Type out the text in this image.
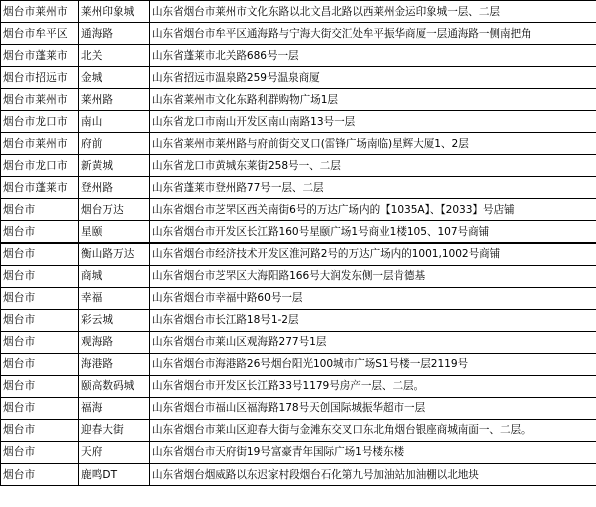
烟台市莱州市	莱州印象城	山东省烟台市莱州市文化东路以北文昌北路以西莱州金运印象城一层、二层
烟台市牟平区	通海路	山东省烟台市牟平区通海路与宁海大街交汇处牟平振华商厦一层通海路一侧南把角
烟台市蓬莱市	北关	山东省蓬莱市北关路686号一层
烟台市招远市	金城	山东省招远市温泉路259号温泉商厦
烟台市莱州市	莱州路	山东省莱州市文化东路利群购物广场1层
烟台市龙口市	南山	山东省龙口市南山开发区南山南路13号一层
烟台市莱州市	府前	山东省莱州市莱州路与府前街交叉口(雷锋广场南临)星辉大厦1、2层
烟台市龙口市	新黄城	山东省龙口市黄城东莱街258号一、二层
烟台市蓬莱市	登州路	山东省蓬莱市登州路77号一层、二层
烟台市	烟台万达	山东省烟台市芝罘区西关南街6号的万达广场内的【1035A】、【2033】号店铺
烟台市	星颐	山东省烟台市开发区长江路160号星颐广场1号商业1楼105、107号商铺
烟台市	衡山路万达	山东省烟台市经济技术开发区淮河路2号的万达广场内的1001,1002号商铺
烟台市	商城	山东省烟台市芝罘区大海阳路166号大润发东侧一层肯德基
烟台市	幸福	山东省烟台市幸福中路60号一层
烟台市	彩云城	山东省烟台市长江路18号1-2层
烟台市	观海路	山东省烟台市莱山区观海路277号1层
烟台市	海港路	山东省烟台市海港路26号烟台阳光100城市广场S1号楼一层2119号
烟台市	颐高数码城	山东省烟台市开发区长江路33号1179号房产一层、二层。
烟台市	福海	山东省烟台市福山区福海路178号天创国际城振华超市一层
烟台市	迎春大街	山东省烟台市莱山区迎春大街与金滩东交叉口东北角烟台银座商城南面一、二层。
烟台市	天府	山东省烟台市天府街19号富豪青年国际广场1号楼东楼
烟台市	鹿鸣DT	山东省烟台烟威路以东迟家村段烟台石化第九号加油站加油棚以北地块
